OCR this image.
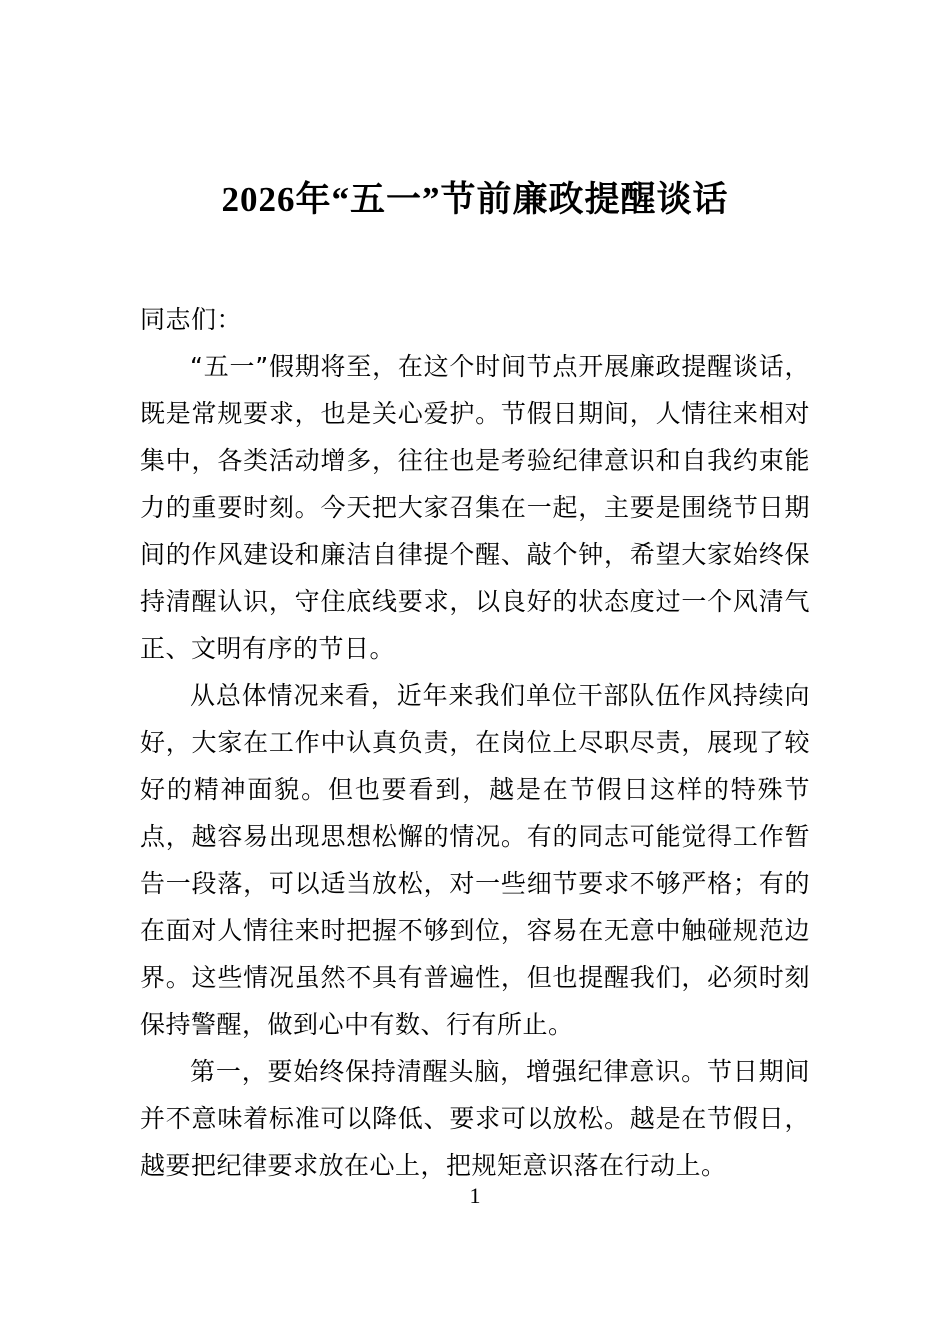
2026年“五一”节前廉政提醒谈话
同志们：

“五一”假期将至，在这个时间节点开展廉政提醒谈话，既是常规要求，也是关心爱护。节假日期间，人情往来相对集中，各类活动增多，往往也是考验纪律意识和自我约束能力的重要时刻。今天把大家召集在一起，主要是围绕节日期间的作风建设和廉洁自律提个醒、敲个钟，希望大家始终保持清醒认识，守住底线要求，以良好的状态度过一个风清气正、文明有序的节日。

从总体情况来看，近年来我们单位干部队伍作风持续向好，大家在工作中认真负责，在岗位上尽职尽责，展现了较好的精神面貌。但也要看到，越是在节假日这样的特殊节点，越容易出现思想松懈的情况。有的同志可能觉得工作暂告一段落，可以适当放松，对一些细节要求不够严格；有的在面对人情往来时把握不够到位，容易在无意中触碰规范边界。这些情况虽然不具有普遍性，但也提醒我们，必须时刻保持警醒，做到心中有数、行有所止。

第一，要始终保持清醒头脑，增强纪律意识。节日期间并不意味着标准可以降低、要求可以放松。越是在节假日，越要把纪律要求放在心上，把规矩意识落在行动上。

1
